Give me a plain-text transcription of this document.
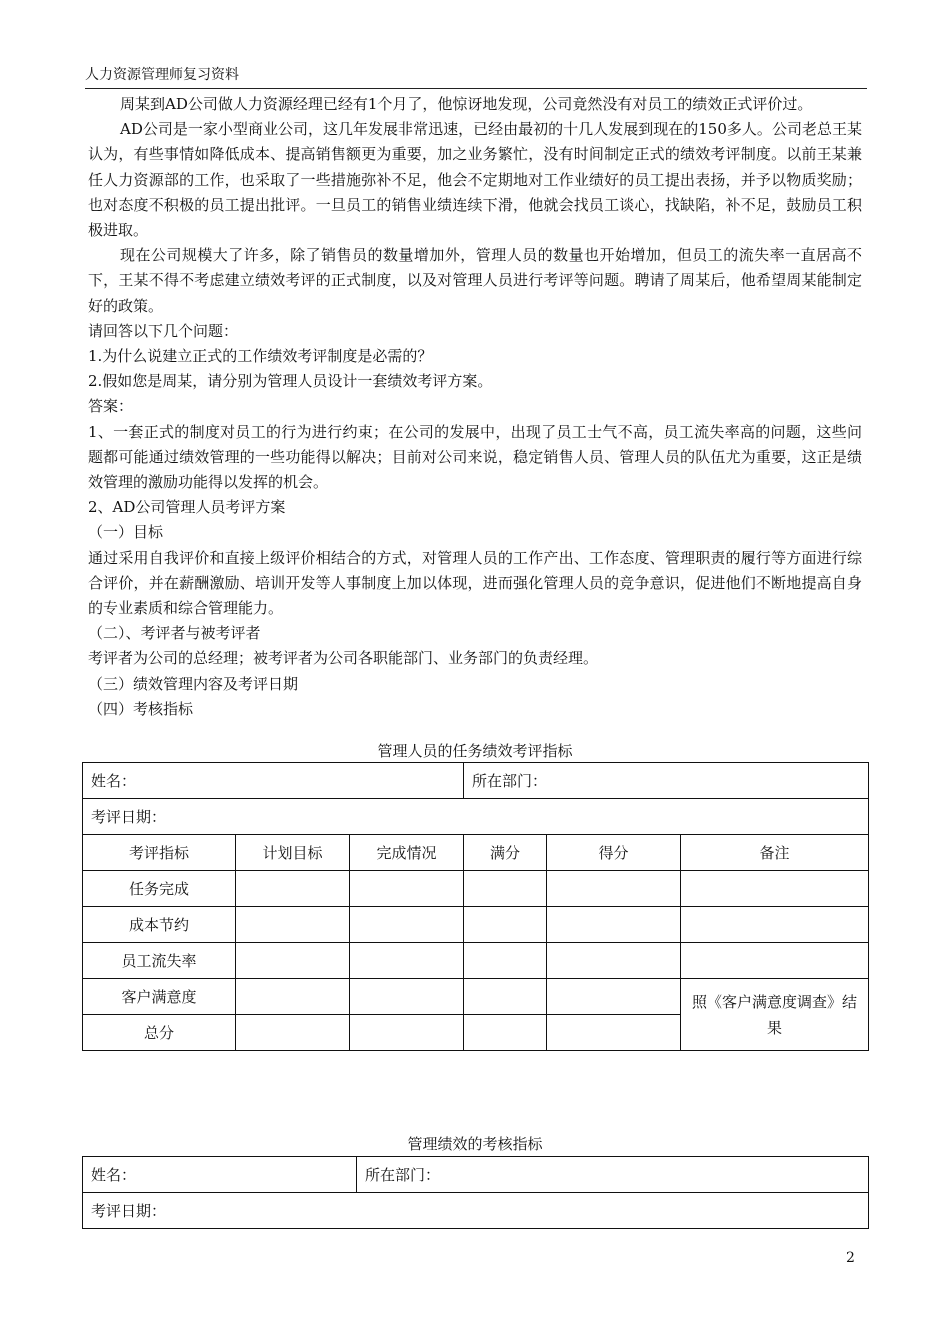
人力资源管理师复习资料

周某到AD公司做人力资源经理已经有1个月了，他惊讶地发现，公司竟然没有对员工的绩效正式评价过。

AD公司是一家小型商业公司，这几年发展非常迅速，已经由最初的十几人发展到现在的150多人。公司老总王某认为，有些事情如降低成本、提高销售额更为重要，加之业务繁忙，没有时间制定正式的绩效考评制度。以前王某兼任人力资源部的工作，也采取了一些措施弥补不足，他会不定期地对工作业绩好的员工提出表扬，并予以物质奖励；也对态度不积极的员工提出批评。一旦员工的销售业绩连续下滑，他就会找员工谈心，找缺陷，补不足，鼓励员工积极进取。

现在公司规模大了许多，除了销售员的数量增加外，管理人员的数量也开始增加，但员工的流失率一直居高不下，王某不得不考虑建立绩效考评的正式制度，以及对管理人员进行考评等问题。聘请了周某后，他希望周某能制定好的政策。

请回答以下几个问题：

1.为什么说建立正式的工作绩效考评制度是必需的？

2.假如您是周某，请分别为管理人员设计一套绩效考评方案。

答案：

1、一套正式的制度对员工的行为进行约束；在公司的发展中，出现了员工士气不高，员工流失率高的问题，这些问题都可能通过绩效管理的一些功能得以解决；目前对公司来说，稳定销售人员、管理人员的队伍尤为重要，这正是绩效管理的激励功能得以发挥的机会。

2、AD公司管理人员考评方案

（一）目标

通过采用自我评价和直接上级评价相结合的方式，对管理人员的工作产出、工作态度、管理职责的履行等方面进行综合评价，并在薪酬激励、培训开发等人事制度上加以体现，进而强化管理人员的竞争意识，促进他们不断地提高自身的专业素质和综合管理能力。

（二）、考评者与被考评者

考评者为公司的总经理；被考评者为公司各职能部门、业务部门的负责经理。

（三）绩效管理内容及考评日期

（四）考核指标

管理人员的任务绩效考评指标
姓名：			所在部门：		
考评日期：					
考评指标	计划目标	完成情况	满分	得分	备注
任务完成					
成本节约					
员工流失率					
客户满意度					照《客户满意度调查》结果
总分					
管理绩效的考核指标
姓名：	所在部门：
考评日期：
2
